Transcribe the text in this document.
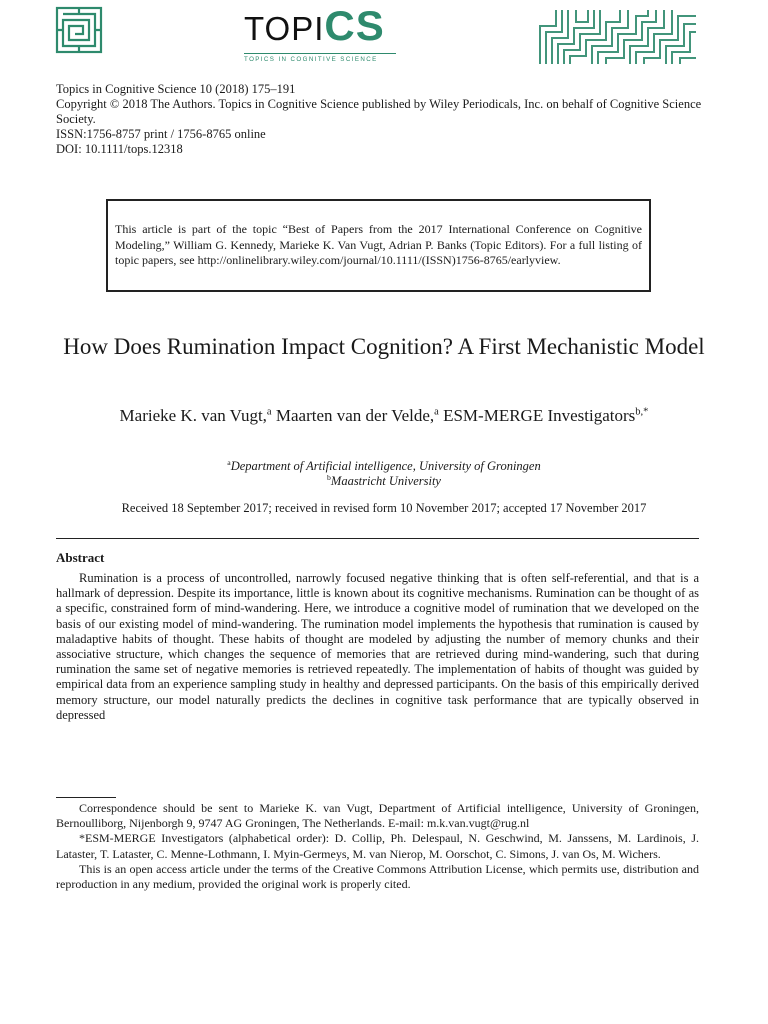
TOPICS
TOPICS IN COGNITIVE SCIENCE
Topics in Cognitive Science 10 (2018) 175–191
Copyright © 2018 The Authors. Topics in Cognitive Science published by Wiley Periodicals, Inc. on behalf of Cognitive Science Society.
ISSN:1756-8757 print / 1756-8765 online
DOI: 10.1111/tops.12318
This article is part of the topic “Best of Papers from the 2017 International Conference on Cognitive Modeling,” William G. Kennedy, Marieke K. Van Vugt, Adrian P. Banks (Topic Editors). For a full listing of topic papers, see http://onlinelibrary.wiley.com/journal/10.1111/(ISSN)1756-8765/earlyview.
How Does Rumination Impact Cognition? A First Mechanistic Model
Marieke K. van Vugt,$^a$ Maarten van der Velde,$^a$ ESM-MERGE Investigators$^{b,*}$
$^a$Department of Artificial intelligence, University of Groningen
$^b$Maastricht University
Received 18 September 2017; received in revised form 10 November 2017; accepted 17 November 2017
Abstract

Rumination is a process of uncontrolled, narrowly focused negative thinking that is often self-referential, and that is a hallmark of depression. Despite its importance, little is known about its cognitive mechanisms. Rumination can be thought of as a specific, constrained form of mind-wandering. Here, we introduce a cognitive model of rumination that we developed on the basis of our existing model of mind-wandering. The rumination model implements the hypothesis that rumination is caused by maladaptive habits of thought. These habits of thought are modeled by adjusting the number of memory chunks and their associative structure, which changes the sequence of memories that are retrieved during mind-wandering, such that during rumination the same set of negative memories is retrieved repeatedly. The implementation of habits of thought was guided by empirical data from an experience sampling study in healthy and depressed participants. On the basis of this empirically derived memory structure, our model naturally predicts the declines in cognitive task performance that are typically observed in depressed

Correspondence should be sent to Marieke K. van Vugt, Department of Artificial intelligence, University of Groningen, Bernoulliborg, Nijenborgh 9, 9747 AG Groningen, The Netherlands. E-mail: m.k.van.vugt@rug.nl

*ESM-MERGE Investigators (alphabetical order): D. Collip, Ph. Delespaul, N. Geschwind, M. Janssens, M. Lardinois, J. Lataster, T. Lataster, C. Menne-Lothmann, I. Myin-Germeys, M. van Nierop, M. Oorschot, C. Simons, J. van Os, M. Wichers.

This is an open access article under the terms of the Creative Commons Attribution License, which permits use, distribution and reproduction in any medium, provided the original work is properly cited.
